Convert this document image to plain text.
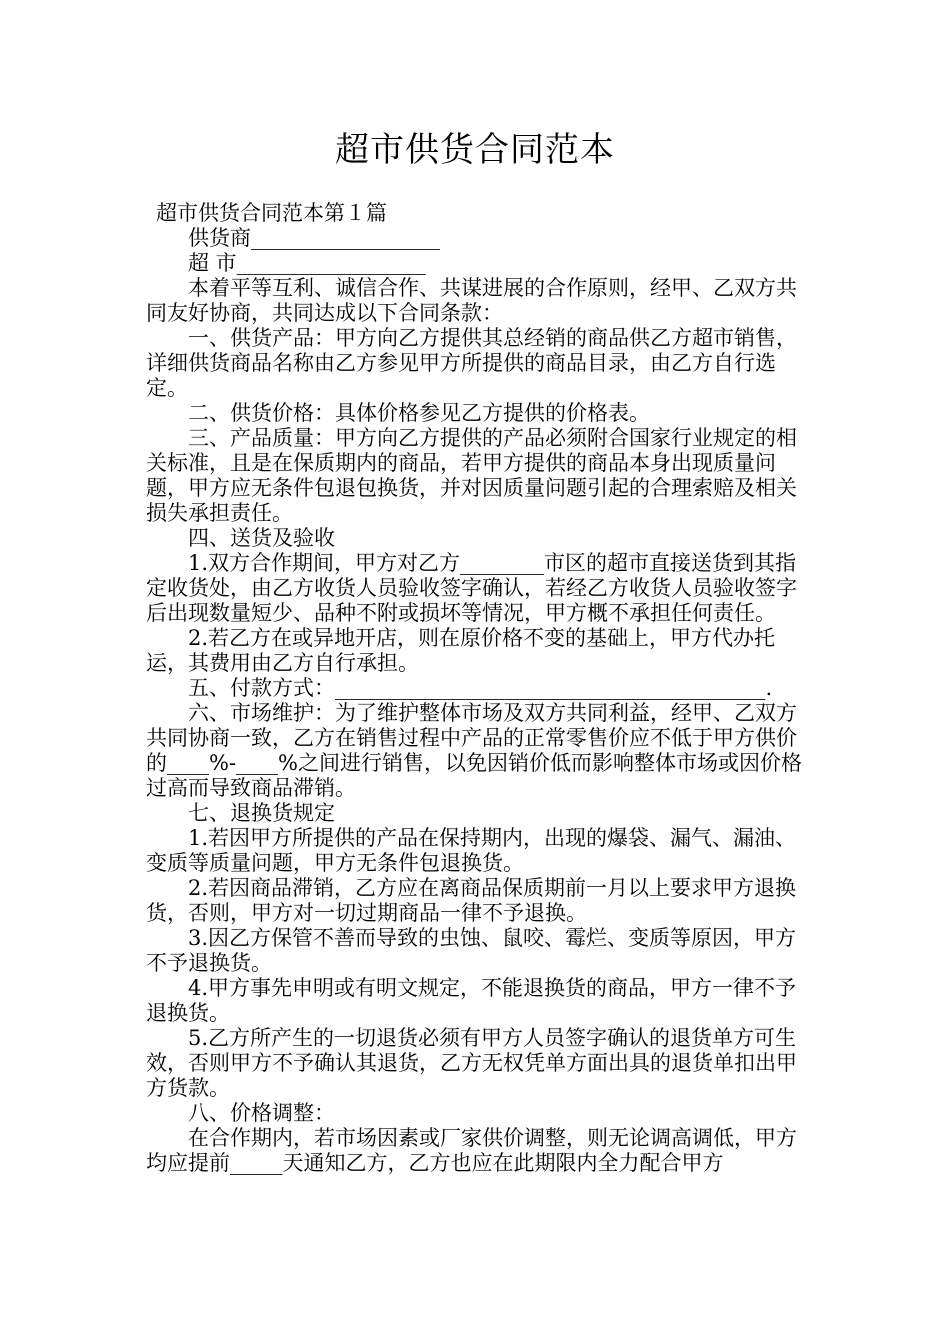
超市供货合同范本
超市供货合同范本第１篇

供货商__________________

超 市__________________

本着平等互利、诚信合作、共谋进展的合作原则，经甲、乙双方共同友好协商，共同达成以下合同条款：

一、供货产品：甲方向乙方提供其总经销的商品供乙方超市销售，详细供货商品名称由乙方参见甲方所提供的商品目录，由乙方自行选定。

二、供货价格：具体价格参见乙方提供的价格表。

三、产品质量：甲方向乙方提供的产品必须附合国家行业规定的相关标准，且是在保质期内的商品，若甲方提供的商品本身出现质量问题，甲方应无条件包退包换货，并对因质量问题引起的合理索赔及相关损失承担责任。

四、送货及验收

1.双方合作期间，甲方对乙方________市区的超市直接送货到其指定收货处，由乙方收货人员验收签字确认，若经乙方收货人员验收签字后出现数量短少、品种不附或损坏等情况，甲方概不承担任何责任。

2.若乙方在或异地开店，则在原价格不变的基础上，甲方代办托运，其费用由乙方自行承担。

五、付款方式：_________________________________________.

六、市场维护：为了维护整体市场及双方共同利益，经甲、乙双方共同协商一致，乙方在销售过程中产品的正常零售价应不低于甲方供价的____%-____%之间进行销售，以免因销价低而影响整体市场或因价格过高而导致商品滞销。

七、退换货规定

1.若因甲方所提供的产品在保持期内，出现的爆袋、漏气、漏油、变质等质量问题，甲方无条件包退换货。

2.若因商品滞销，乙方应在离商品保质期前一月以上要求甲方退换货，否则，甲方对一切过期商品一律不予退换。

3.因乙方保管不善而导致的虫蚀、鼠咬、霉烂、变质等原因，甲方不予退换货。

4.甲方事先申明或有明文规定，不能退换货的商品，甲方一律不予退换货。

5.乙方所产生的一切退货必须有甲方人员签字确认的退货单方可生效，否则甲方不予确认其退货，乙方无权凭单方面出具的退货单扣出甲方货款。

八、价格调整：

在合作期内，若市场因素或厂家供价调整，则无论调高调低，甲方均应提前_____天通知乙方，乙方也应在此期限内全力配合甲方
